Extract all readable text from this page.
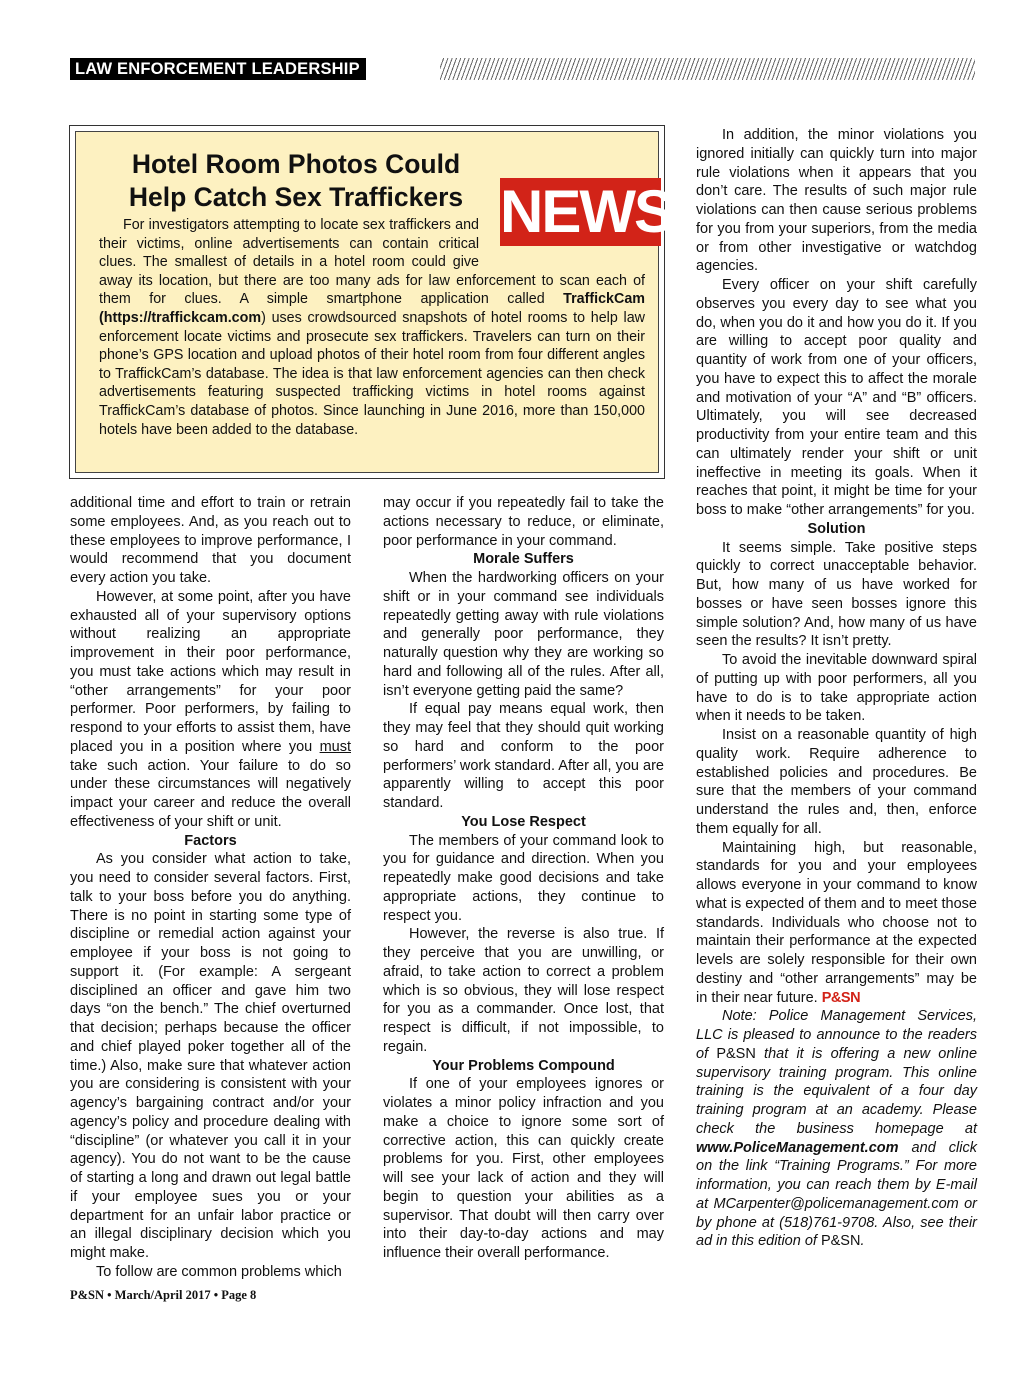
LAW ENFORCEMENT LEADERSHIP
Hotel Room Photos Could
Help Catch Sex Traffickers NEWS

For investigators attempting to locate sex traffickers and their victims, online advertisements can contain critical clues. The smallest of details in a hotel room could give away its location, but there are too many ads for law enforcement to scan each of them for clues. A simple smartphone application called TraffickCam (https://traffickcam.com) uses crowdsourced snapshots of hotel rooms to help law enforcement locate victims and prosecute sex traffickers. Travelers can turn on their phone’s GPS location and upload photos of their hotel room from four different angles to TraffickCam’s database. The idea is that law enforcement agencies can then check advertisements featuring suspected trafficking victims in hotel rooms against TraffickCam’s database of photos. Since launching in June 2016, more than 150,000 hotels have been added to the database.

additional time and effort to train or retrain some employees. And, as you reach out to these employees to improve performance, I would recommend that you document every action you take.

However, at some point, after you have exhausted all of your supervisory options without realizing an appropriate improvement in their poor performance, you must take actions which may result in “other arrangements” for your poor performer. Poor performers, by failing to respond to your efforts to assist them, have placed you in a position where you must take such action. Your failure to do so under these circumstances will negatively impact your career and reduce the overall effectiveness of your shift or unit.

Factors

As you consider what action to take, you need to consider several factors. First, talk to your boss before you do anything. There is no point in starting some type of discipline or remedial action against your employee if your boss is not going to support it. (For example: A sergeant disciplined an officer and gave him two days “on the bench.” The chief overturned that decision; perhaps because the officer and chief played poker together all of the time.) Also, make sure that whatever action you are considering is consistent with your agency’s bargaining contract and/or your agency’s policy and procedure dealing with “discipline” (or whatever you call it in your agency). You do not want to be the cause of starting a long and drawn out legal battle if your employee sues you or your department for an unfair labor practice or an illegal disciplinary decision which you might make.

To follow are common problems which

may occur if you repeatedly fail to take the actions necessary to reduce, or eliminate, poor performance in your command.

Morale Suffers

When the hardworking officers on your shift or in your command see individuals repeatedly getting away with rule violations and generally poor performance, they naturally question why they are working so hard and following all of the rules. After all, isn’t everyone getting paid the same?

If equal pay means equal work, then they may feel that they should quit working so hard and conform to the poor performers’ work standard. After all, you are apparently willing to accept this poor standard.

You Lose Respect

The members of your command look to you for guidance and direction. When you repeatedly make good decisions and take appropriate actions, they continue to respect you.

However, the reverse is also true. If they perceive that you are unwilling, or afraid, to take action to correct a problem which is so obvious, they will lose respect for you as a commander. Once lost, that respect is difficult, if not impossible, to regain.

Your Problems Compound

If one of your employees ignores or violates a minor policy infraction and you make a choice to ignore some sort of corrective action, this can quickly create problems for you. First, other employees will see your lack of action and they will begin to question your abilities as a supervisor. That doubt will then carry over into their day-to-day actions and may influence their overall performance.

In addition, the minor violations you ignored initially can quickly turn into major rule violations when it appears that you don’t care. The results of such major rule violations can then cause serious problems for you from your superiors, from the media or from other investigative or watchdog agencies.

Every officer on your shift carefully observes you every day to see what you do, when you do it and how you do it. If you are willing to accept poor quality and quantity of work from one of your officers, you have to expect this to affect the morale and motivation of your “A” and “B” officers. Ultimately, you will see decreased productivity from your entire team and this can ultimately render your shift or unit ineffective in meeting its goals. When it reaches that point, it might be time for your boss to make “other arrangements” for you.

Solution

It seems simple. Take positive steps quickly to correct unacceptable behavior. But, how many of us have worked for bosses or have seen bosses ignore this simple solution? And, how many of us have seen the results? It isn’t pretty.

To avoid the inevitable downward spiral of putting up with poor performers, all you have to do is to take appropriate action when it needs to be taken.

Insist on a reasonable quantity of high quality work. Require adherence to established policies and procedures. Be sure that the members of your command understand the rules and, then, enforce them equally for all.

Maintaining high, but reasonable, standards for you and your employees allows everyone in your command to know what is expected of them and to meet those standards. Individuals who choose not to maintain their performance at the expected levels are solely responsible for their own destiny and “other arrangements” may be in their near future. P&SN

Note: Police Management Services, LLC is pleased to announce to the readers of P&SN that it is offering a new online supervisory training program. This online training is the equivalent of a four day training program at an academy. Please check the business homepage at www.PoliceManagement.com and click on the link “Training Programs.” For more information, you can reach them by E-mail at MCarpenter@policemanagement.com or by phone at (518)761-9708. Also, see their ad in this edition of P&SN.

P&SN • March/April 2017 • Page 8
